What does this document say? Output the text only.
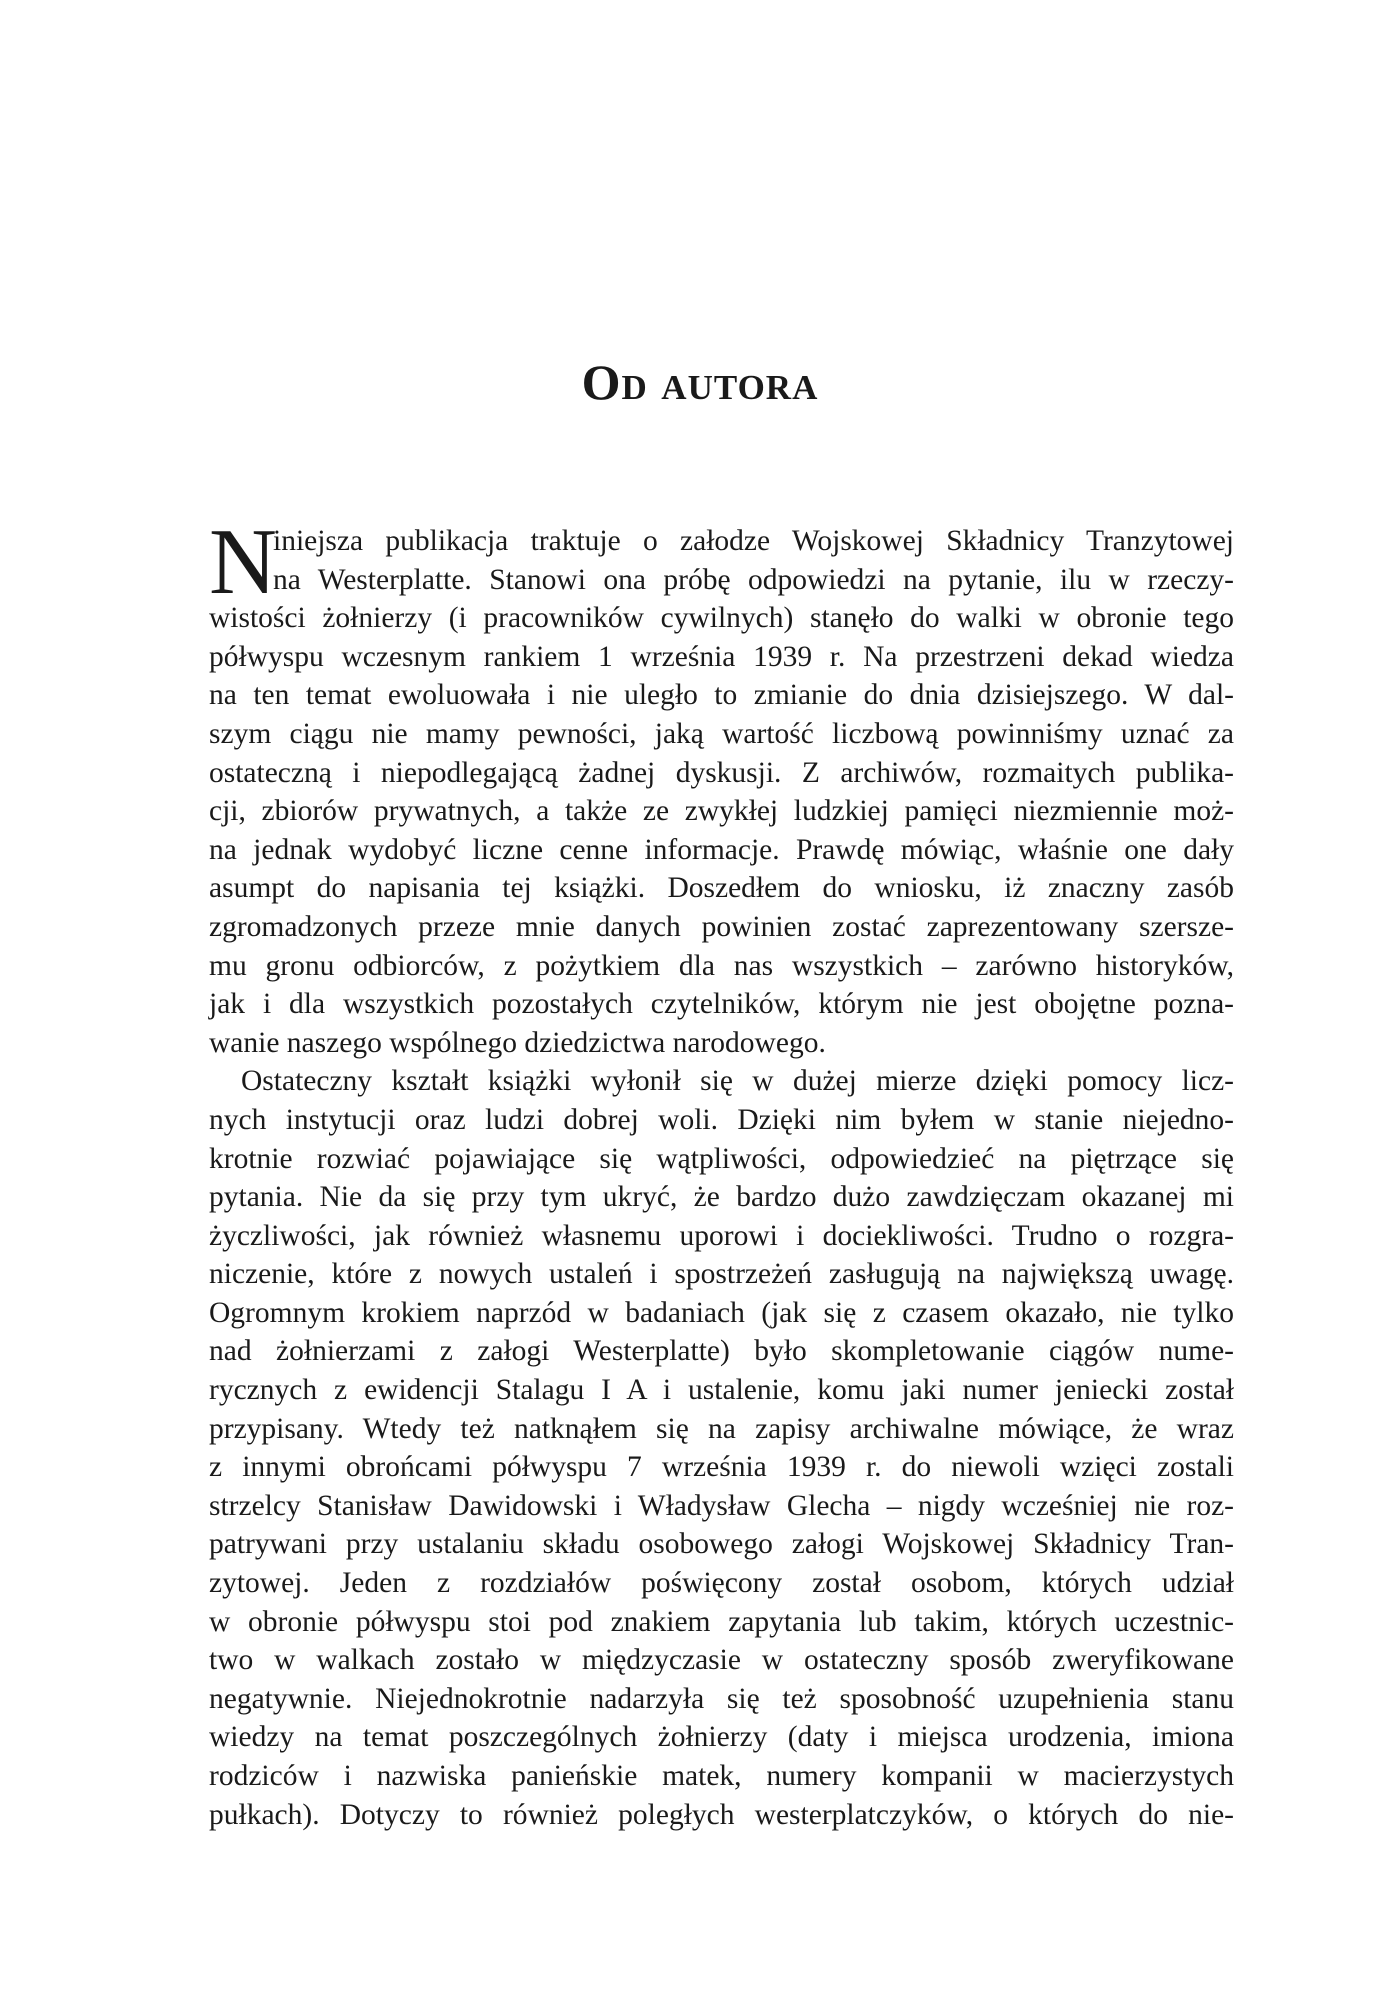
Od autora
N
iniejsza publikacja traktuje o załodze Wojskowej Składnicy Tranzytowej
na Westerplatte. Stanowi ona próbę odpowiedzi na pytanie, ilu w rzeczy-
wistości żołnierzy (i pracowników cywilnych) stanęło do walki w obronie tego
półwyspu wczesnym rankiem 1 września 1939 r. Na przestrzeni dekad wiedza
na ten temat ewoluowała i nie uległo to zmianie do dnia dzisiejszego. W dal-
szym ciągu nie mamy pewności, jaką wartość liczbową powinniśmy uznać za
ostateczną i niepodlegającą żadnej dyskusji. Z archiwów, rozmaitych publika-
cji, zbiorów prywatnych, a także ze zwykłej ludzkiej pamięci niezmiennie moż-
na jednak wydobyć liczne cenne informacje. Prawdę mówiąc, właśnie one dały
asumpt do napisania tej książki. Doszedłem do wniosku, iż znaczny zasób
zgromadzonych przeze mnie danych powinien zostać zaprezentowany szersze-
mu gronu odbiorców, z pożytkiem dla nas wszystkich – zarówno historyków,
jak i dla wszystkich pozostałych czytelników, którym nie jest obojętne pozna-
wanie naszego wspólnego dziedzictwa narodowego.
Ostateczny kształt książki wyłonił się w dużej mierze dzięki pomocy licz-
nych instytucji oraz ludzi dobrej woli. Dzięki nim byłem w stanie niejedno-
krotnie rozwiać pojawiające się wątpliwości, odpowiedzieć na piętrzące się
pytania. Nie da się przy tym ukryć, że bardzo dużo zawdzięczam okazanej mi
życzliwości, jak również własnemu uporowi i dociekliwości. Trudno o rozgra-
niczenie, które z nowych ustaleń i spostrzeżeń zasługują na największą uwagę.
Ogromnym krokiem naprzód w badaniach (jak się z czasem okazało, nie tylko
nad żołnierzami z załogi Westerplatte) było skompletowanie ciągów nume-
rycznych z ewidencji Stalagu I A i ustalenie, komu jaki numer jeniecki został
przypisany. Wtedy też natknąłem się na zapisy archiwalne mówiące, że wraz
z innymi obrońcami półwyspu 7 września 1939 r. do niewoli wzięci zostali
strzelcy Stanisław Dawidowski i Władysław Glecha – nigdy wcześniej nie roz-
patrywani przy ustalaniu składu osobowego załogi Wojskowej Składnicy Tran-
zytowej. Jeden z rozdziałów poświęcony został osobom, których udział
w obronie półwyspu stoi pod znakiem zapytania lub takim, których uczestnic-
two w walkach zostało w międzyczasie w ostateczny sposób zweryfikowane
negatywnie. Niejednokrotnie nadarzyła się też sposobność uzupełnienia stanu
wiedzy na temat poszczególnych żołnierzy (daty i miejsca urodzenia, imiona
rodziców i nazwiska panieńskie matek, numery kompanii w macierzystych
pułkach). Dotyczy to również poległych westerplatczyków, o których do nie-
